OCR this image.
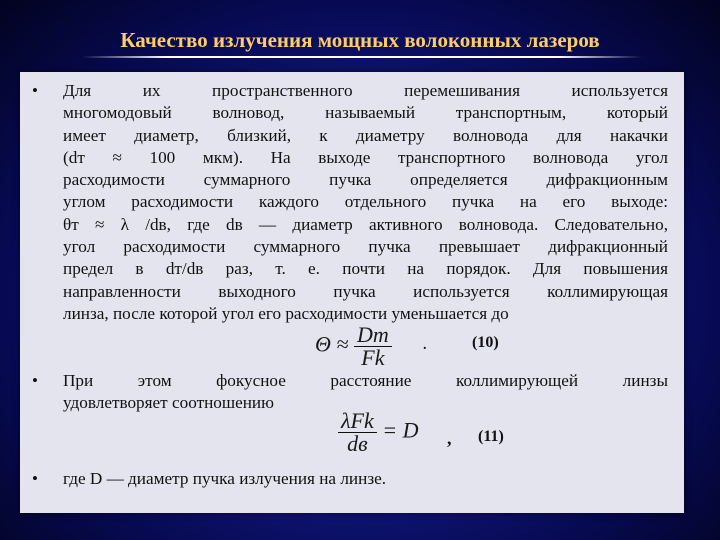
Качество излучения мощных волоконных лазеров
• Для их пространственного перемешивания используется

многомодовый волновод, называемый транспортным, который

имеет диаметр, близкий, к диаметру волновода для накачки

(dт ≈ 100 мкм). На выходе транспортного волновода угол

расходимости суммарного пучка определяется дифракционным

углом расходимости каждого отдельного пучка на его выходе:

θт ≈ λ /dв, где dв — диаметр активного волновода. Следовательно,

угол расходимости суммарного пучка превышает дифракционный

предел в dт/dв раз, т. е. почти на порядок. Для повышения

направленности выходного пучка используется коллимирующая

линза, после которой угол его расходимости уменьшается до

$\Theta \approx \frac{Dт}{Fk}$ .	(10)
• При этом фокусное расстояние коллимирующей линзы

удовлетворяет соотношению

$\frac{\text{λFk}}{dв} = D$ , (11)
• где D — диаметр пучка излучения на линзе.
